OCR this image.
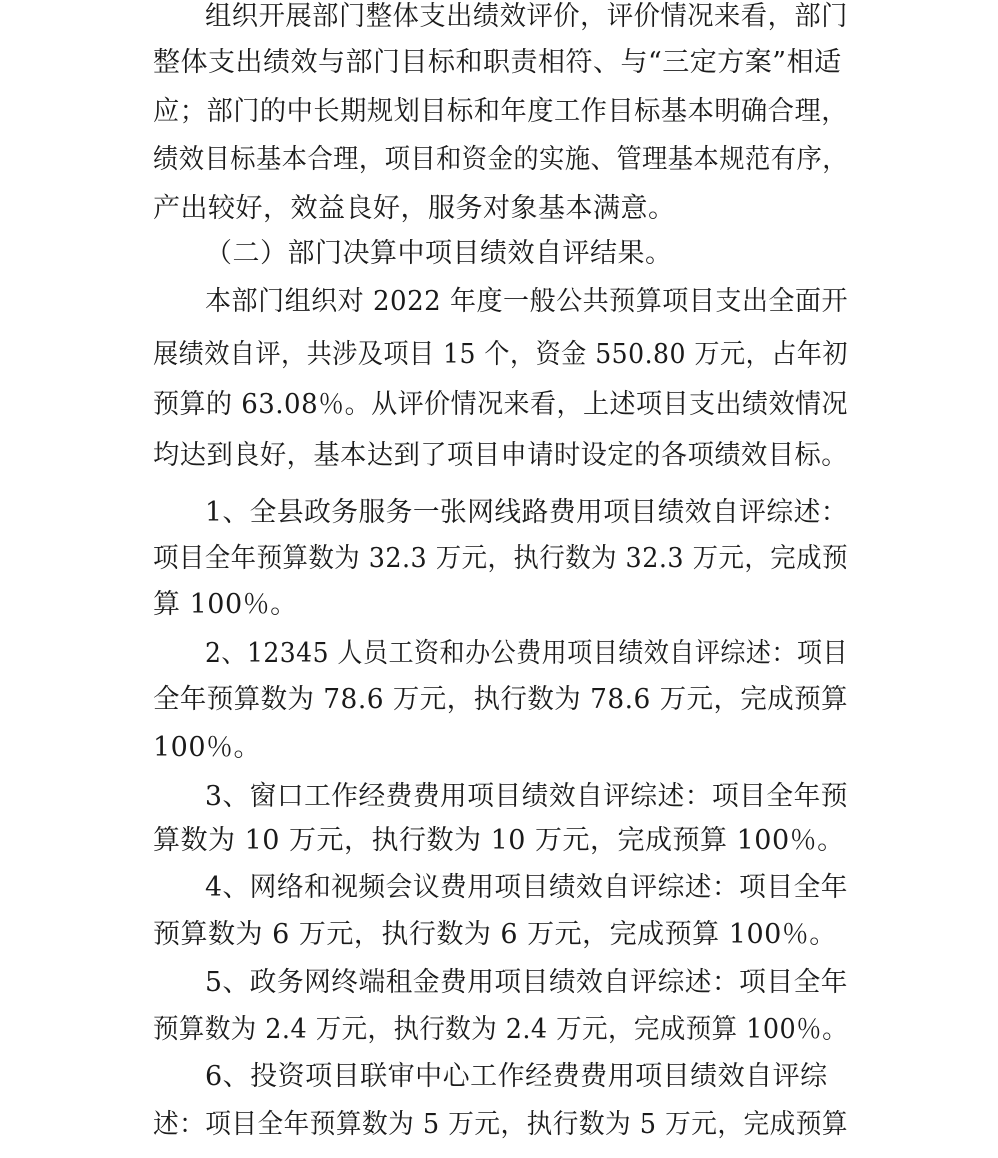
组织开展部门整体支出绩效评价，评价情况来看，部门
整体支出绩效与部门目标和职责相符、与“三定方案”相适
应；部门的中长期规划目标和年度工作目标基本明确合理，
绩效目标基本合理，项目和资金的实施、管理基本规范有序，
产出较好，效益良好，服务对象基本满意。
（二）部门决算中项目绩效自评结果。
本部门组织对 2022 年度一般公共预算项目支出全面开
展绩效自评，共涉及项目 15 个，资金 550.80 万元，占年初
预算的 63.08％。从评价情况来看，上述项目支出绩效情况
均达到良好，基本达到了项目申请时设定的各项绩效目标。
1、全县政务服务一张网线路费用项目绩效自评综述：
项目全年预算数为 32.3 万元，执行数为 32.3 万元，完成预
算 100％。
2、12345 人员工资和办公费用项目绩效自评综述：项目
全年预算数为 78.6 万元，执行数为 78.6 万元，完成预算
100％。
3、窗口工作经费费用项目绩效自评综述：项目全年预
算数为 10 万元，执行数为 10 万元，完成预算 100％。
4、网络和视频会议费用项目绩效自评综述：项目全年
预算数为 6 万元，执行数为 6 万元，完成预算 100％。
5、政务网终端租金费用项目绩效自评综述：项目全年
预算数为 2.4 万元，执行数为 2.4 万元，完成预算 100％。
6、投资项目联审中心工作经费费用项目绩效自评综
述：项目全年预算数为 5 万元，执行数为 5 万元，完成预算
